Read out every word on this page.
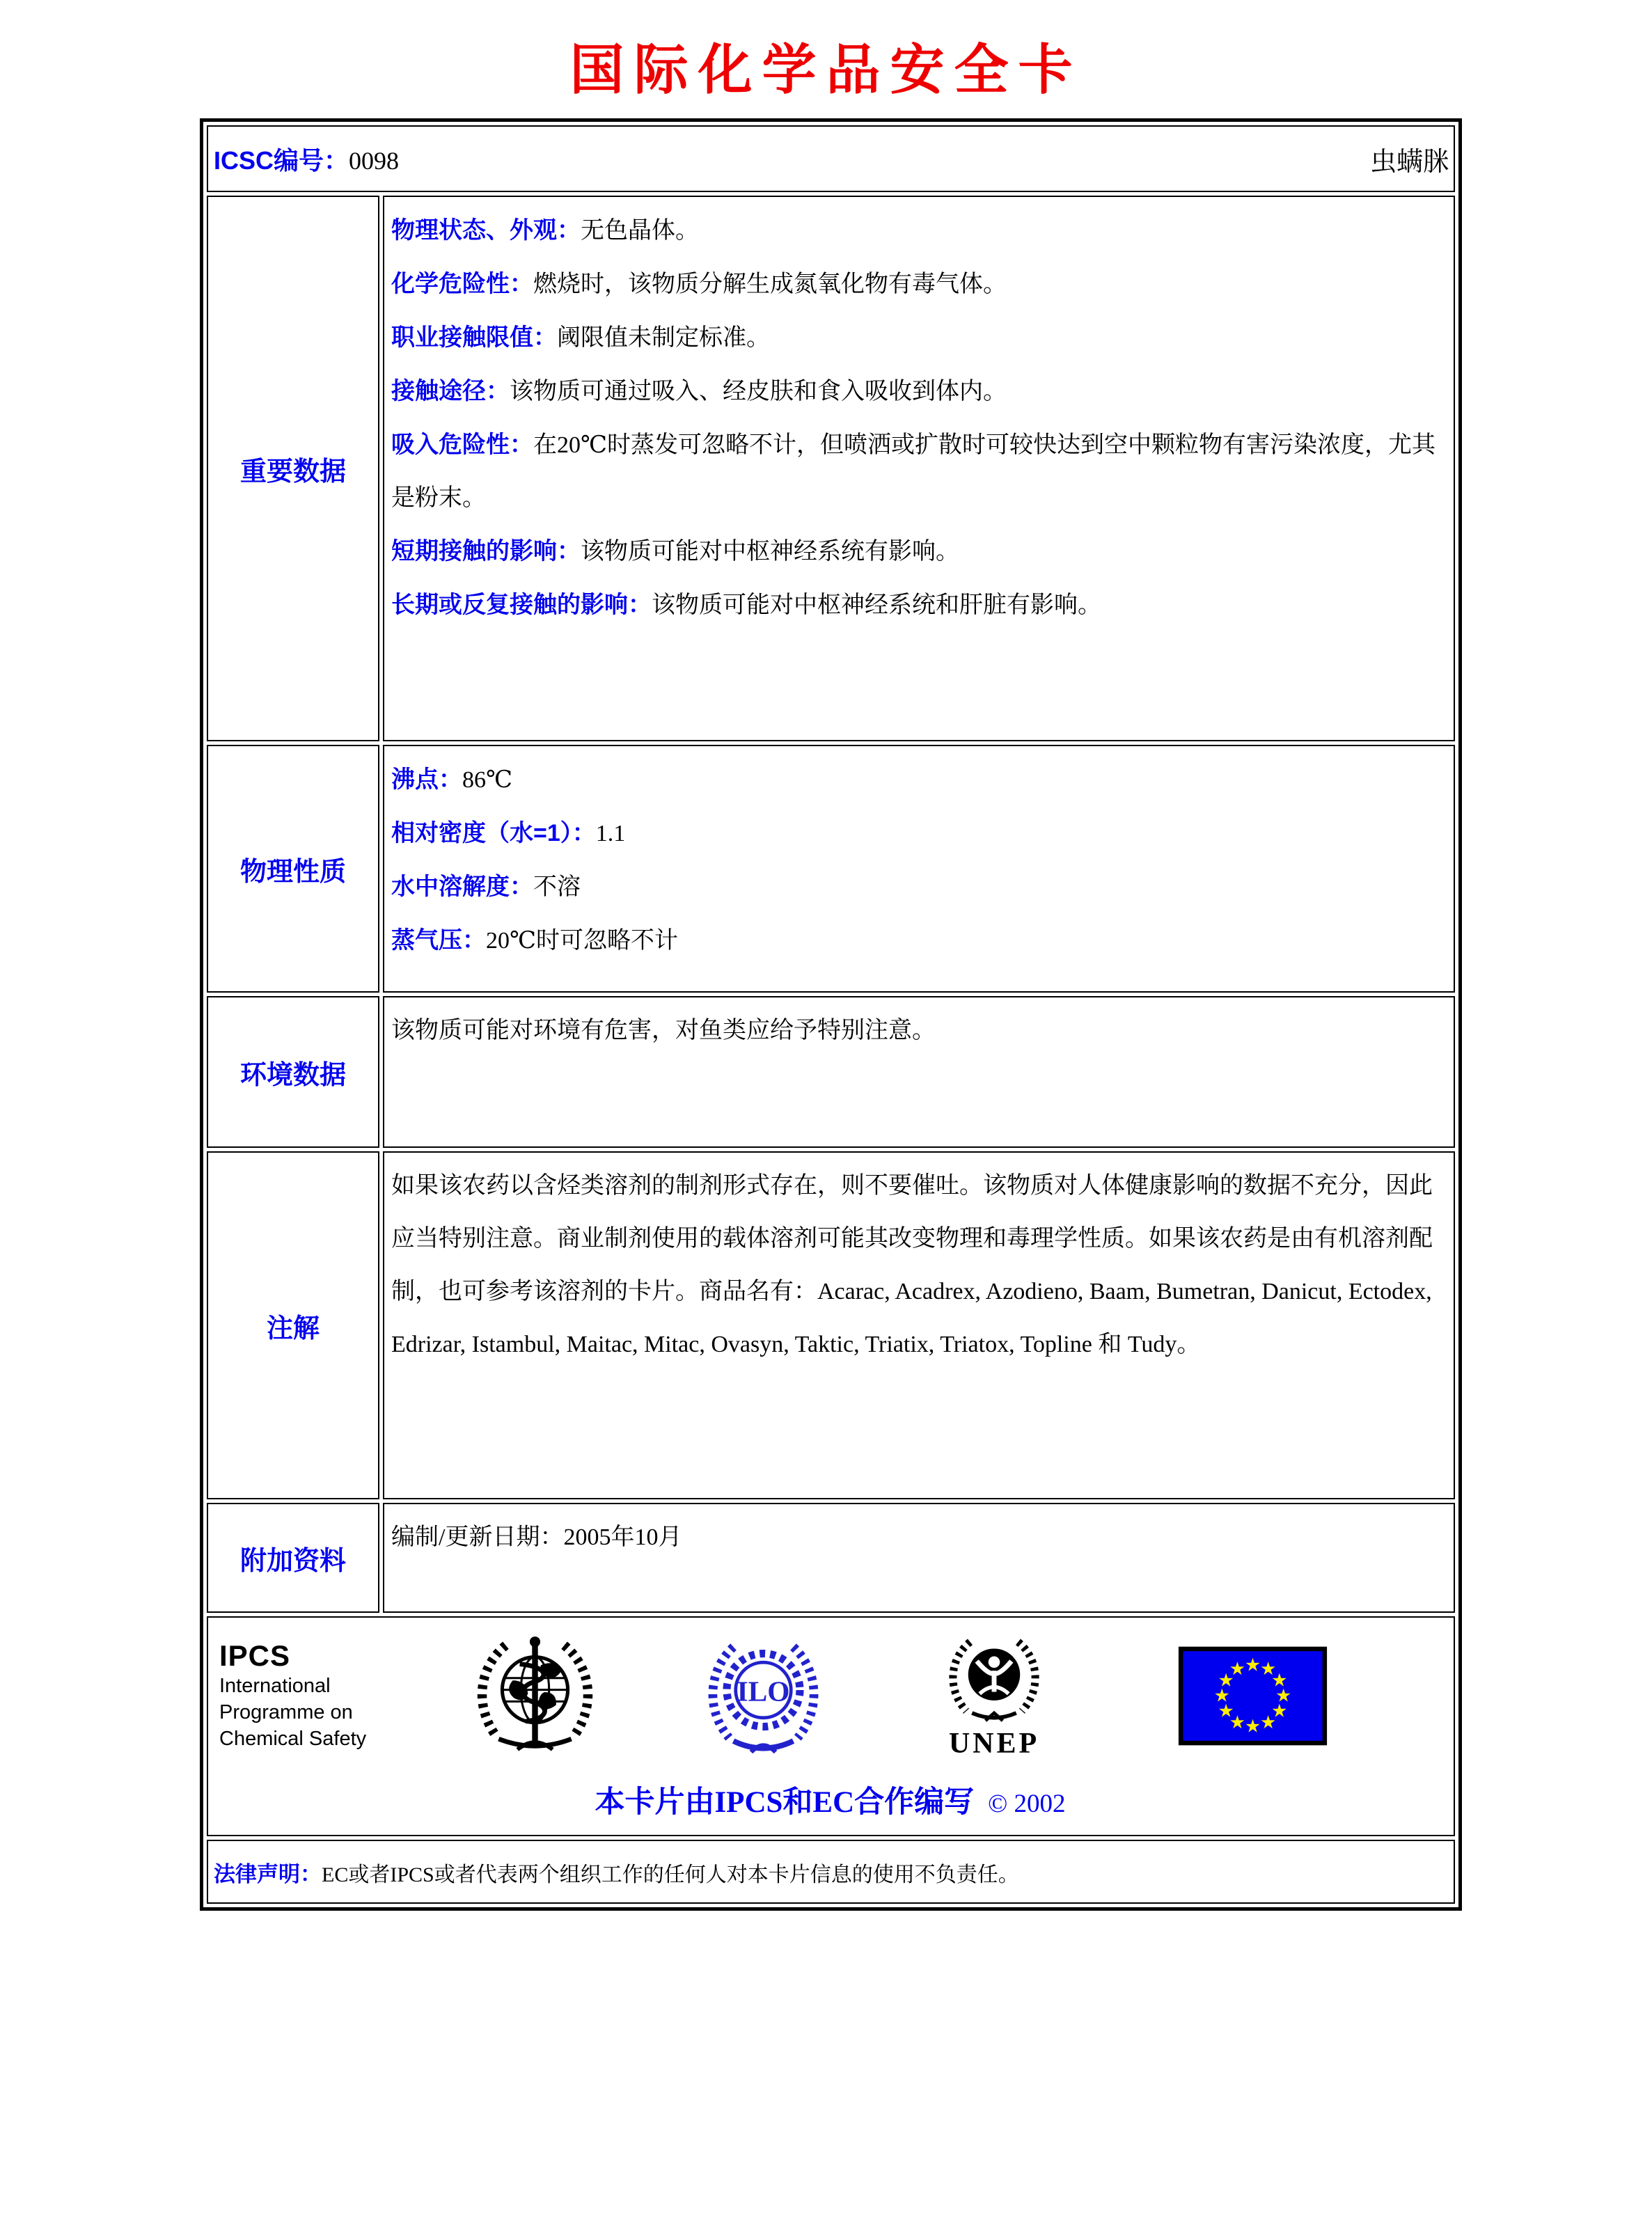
国际化学品安全卡
ICSC编号：0098 虫螨脒	

重要数据	
物理状态、外观：无色晶体。
化学危险性：燃烧时，该物质分解生成氮氧化物有毒气体。
职业接触限值：阈限值未制定标准。
接触途径：该物质可通过吸入、经皮肤和食入吸收到体内。
吸入危险性：在20℃时蒸发可忽略不计，但喷洒或扩散时可较快达到空中颗粒物有害污染浓度，尤其是粉末。
短期接触的影响：该物质可能对中枢神经系统有影响。
长期或反复接触的影响：该物质可能对中枢神经系统和肝脏有影响。

物理性质	沸点：86℃
相对密度（水=1）：1.1
水中溶解度：不溶
蒸气压：20℃时可忽略不计

环境数据	该物质可能对环境有危害，对鱼类应给予特别注意。

注解	如果该农药以含烃类溶剂的制剂形式存在，则不要催吐。该物质对人体健康影响的数据不充分，因此应当特别注意。商业制剂使用的载体溶剂可能其改变物理和毒理学性质。如果该农药是由有机溶剂配制，也可参考该溶剂的卡片。商品名有：Acarac, Acadrex, Azodieno, Baam, Bumetran, Danicut, Ectodex, Edrizar, Istambul, Maitac, Mitac, Ovasyn, Taktic, Triatix, Triatox, Topline 和 Tudy。

附加资料	编制/更新日期：2005年10月

IPCS
International
Programme on
Chemical Safety
ILO
UNEP
★
★
★
★
★
★
★
★
★
★
★
★
本卡片由IPCS和EC合作编写 © 2002

法律声明：EC或者IPCS或者代表两个组织工作的任何人对本卡片信息的使用不负责任。	
